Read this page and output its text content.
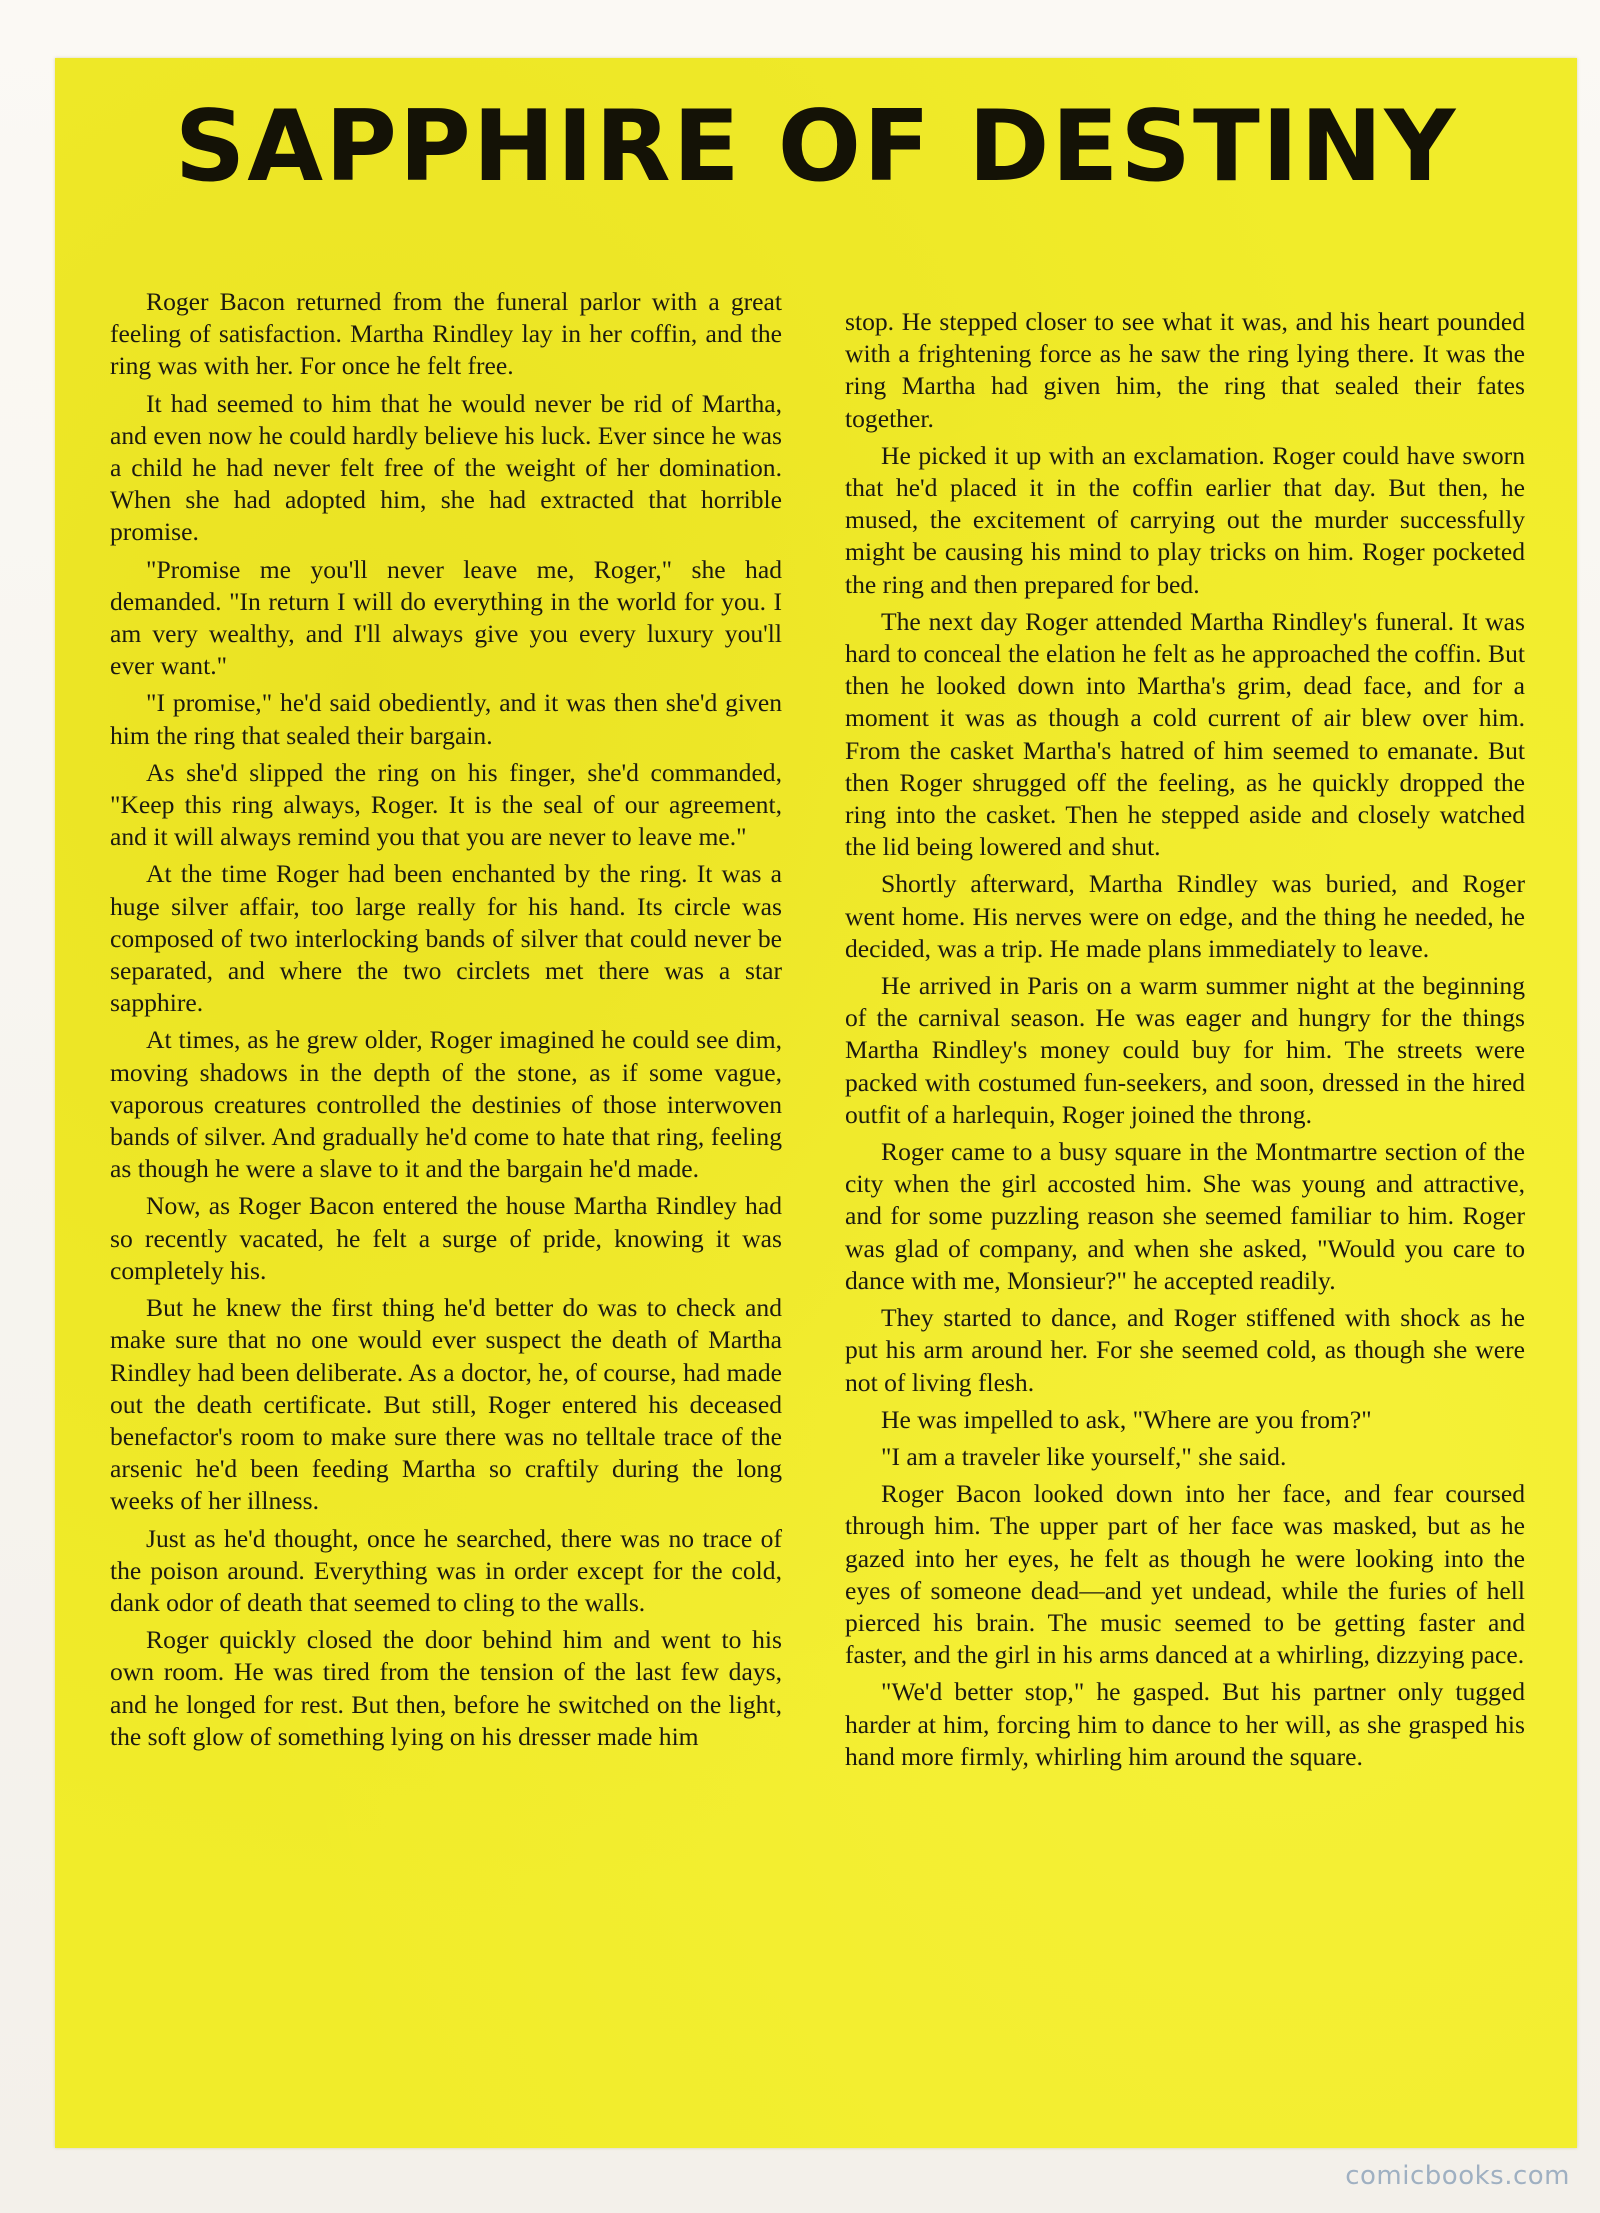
SAPPHIRE OF DESTINY

Roger Bacon returned from the funeral parlor with a great feeling of satisfaction. Martha Rindley lay in her coffin, and the ring was with her. For once he felt free.

It had seemed to him that he would never be rid of Martha, and even now he could hardly believe his luck. Ever since he was a child he had never felt free of the weight of her domination. When she had adopted him, she had extracted that horrible promise.

"Promise me you'll never leave me, Roger," she had demanded. "In return I will do everything in the world for you. I am very wealthy, and I'll always give you every luxury you'll ever want."

"I promise," he'd said obediently, and it was then she'd given him the ring that sealed their bargain.

As she'd slipped the ring on his finger, she'd commanded, "Keep this ring always, Roger. It is the seal of our agreement, and it will always remind you that you are never to leave me."

At the time Roger had been enchanted by the ring. It was a huge silver affair, too large really for his hand. Its circle was composed of two interlocking bands of silver that could never be separated, and where the two circlets met there was a star sapphire.

At times, as he grew older, Roger imagined he could see dim, moving shadows in the depth of the stone, as if some vague, vaporous creatures controlled the destinies of those interwoven bands of silver. And gradually he'd come to hate that ring, feeling as though he were a slave to it and the bargain he'd made.

Now, as Roger Bacon entered the house Martha Rindley had so recently vacated, he felt a surge of pride, knowing it was completely his.

But he knew the first thing he'd better do was to check and make sure that no one would ever suspect the death of Martha Rindley had been deliberate. As a doctor, he, of course, had made out the death certificate. But still, Roger entered his deceased benefactor's room to make sure there was no telltale trace of the arsenic he'd been feeding Martha so craftily during the long weeks of her illness.

Just as he'd thought, once he searched, there was no trace of the poison around. Everything was in order except for the cold, dank odor of death that seemed to cling to the walls.

Roger quickly closed the door behind him and went to his own room. He was tired from the tension of the last few days, and he longed for rest. But then, before he switched on the light, the soft glow of something lying on his dresser made him

stop. He stepped closer to see what it was, and his heart pounded with a frightening force as he saw the ring lying there. It was the ring Martha had given him, the ring that sealed their fates together.

He picked it up with an exclamation. Roger could have sworn that he'd placed it in the coffin earlier that day. But then, he mused, the excitement of carrying out the murder successfully might be causing his mind to play tricks on him. Roger pocketed the ring and then prepared for bed.

The next day Roger attended Martha Rindley's funeral. It was hard to conceal the elation he felt as he approached the coffin. But then he looked down into Martha's grim, dead face, and for a moment it was as though a cold current of air blew over him. From the casket Martha's hatred of him seemed to emanate. But then Roger shrugged off the feeling, as he quickly dropped the ring into the casket. Then he stepped aside and closely watched the lid being lowered and shut.

Shortly afterward, Martha Rindley was buried, and Roger went home. His nerves were on edge, and the thing he needed, he decided, was a trip. He made plans immediately to leave.

He arrived in Paris on a warm summer night at the beginning of the carnival season. He was eager and hungry for the things Martha Rindley's money could buy for him. The streets were packed with costumed fun-seekers, and soon, dressed in the hired outfit of a harlequin, Roger joined the throng.

Roger came to a busy square in the Montmartre section of the city when the girl accosted him. She was young and attractive, and for some puzzling reason she seemed familiar to him. Roger was glad of company, and when she asked, "Would you care to dance with me, Monsieur?" he accepted readily.

They started to dance, and Roger stiffened with shock as he put his arm around her. For she seemed cold, as though she were not of living flesh.

He was impelled to ask, "Where are you from?"

"I am a traveler like yourself," she said.

Roger Bacon looked down into her face, and fear coursed through him. The upper part of her face was masked, but as he gazed into her eyes, he felt as though he were looking into the eyes of someone dead—and yet undead, while the furies of hell pierced his brain. The music seemed to be getting faster and faster, and the girl in his arms danced at a whirling, dizzying pace.

"We'd better stop," he gasped. But his partner only tugged harder at him, forcing him to dance to her will, as she grasped his hand more firmly, whirling him around the square.

comicbooks.com
